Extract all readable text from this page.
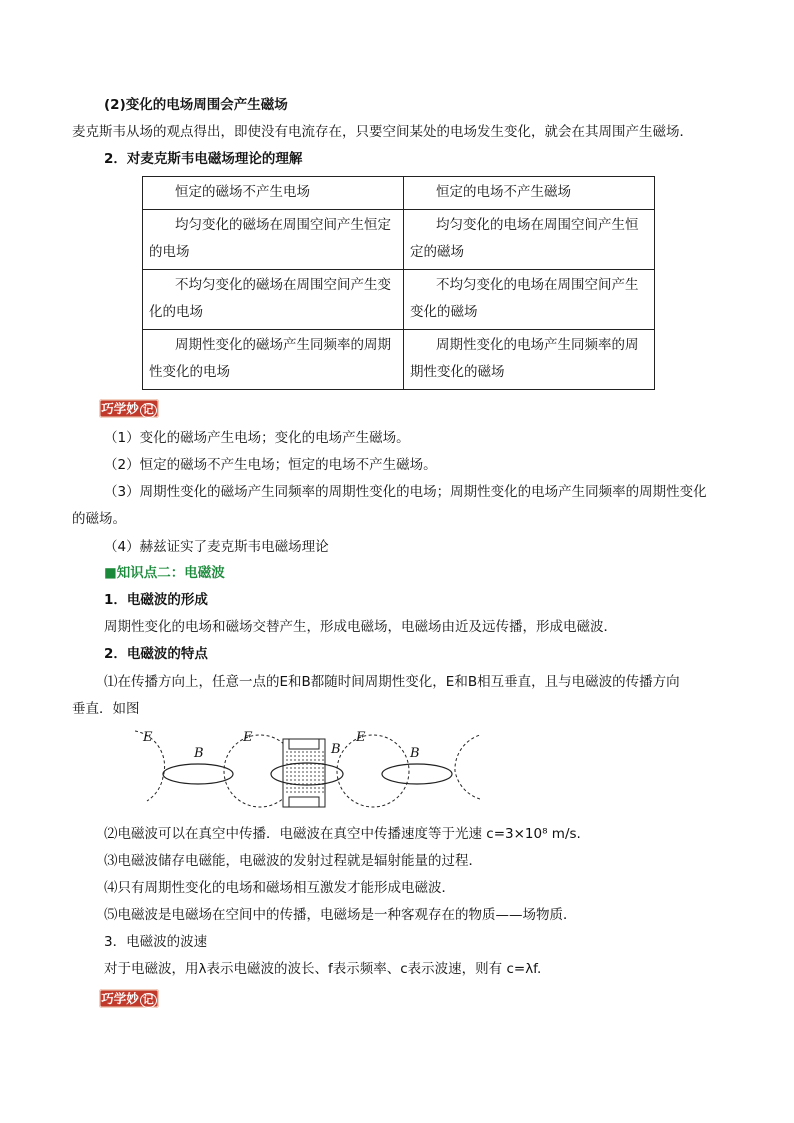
(2)变化的电场周围会产生磁场
麦克斯韦从场的观点得出，即使没有电流存在，只要空间某处的电场发生变化，就会在其周围产生磁场．
2．对麦克斯韦电磁场理论的理解
恒定的磁场不产生电场	恒定的电场不产生磁场
均匀变化的磁场在周围空间产生恒定的电场	均匀变化的电场在周围空间产生恒定的磁场
不均匀变化的磁场在周围空间产生变化的电场	不均匀变化的电场在周围空间产生变化的磁场
周期性变化的磁场产生同频率的周期性变化的电场	周期性变化的电场产生同频率的周期性变化的磁场
巧学妙 记
（1）变化的磁场产生电场；变化的电场产生磁场。
（2）恒定的磁场不产生电场；恒定的电场不产生磁场。
（3）周期性变化的磁场产生同频率的周期性变化的电场；周期性变化的电场产生同频率的周期性变化
的磁场。
（4）赫兹证实了麦克斯韦电磁场理论
■知识点二：电磁波
1．电磁波的形成
周期性变化的电场和磁场交替产生，形成电磁场，电磁场由近及远传播，形成电磁波．
2．电磁波的特点
⑴在传播方向上，任意一点的E和B都随时间周期性变化，E和B相互垂直，且与电磁波的传播方向
垂直．如图
E
B
E
B
E
B
⑵电磁波可以在真空中传播．电磁波在真空中传播速度等于光速 c=3×10⁸ m/s.
⑶电磁波储存电磁能，电磁波的发射过程就是辐射能量的过程．
⑷只有周期性变化的电场和磁场相互激发才能形成电磁波．
⑸电磁波是电磁场在空间中的传播，电磁场是一种客观存在的物质——场物质．
3．电磁波的波速
对于电磁波，用λ表示电磁波的波长、f表示频率、c表示波速，则有 c=λf.
巧学妙 记
